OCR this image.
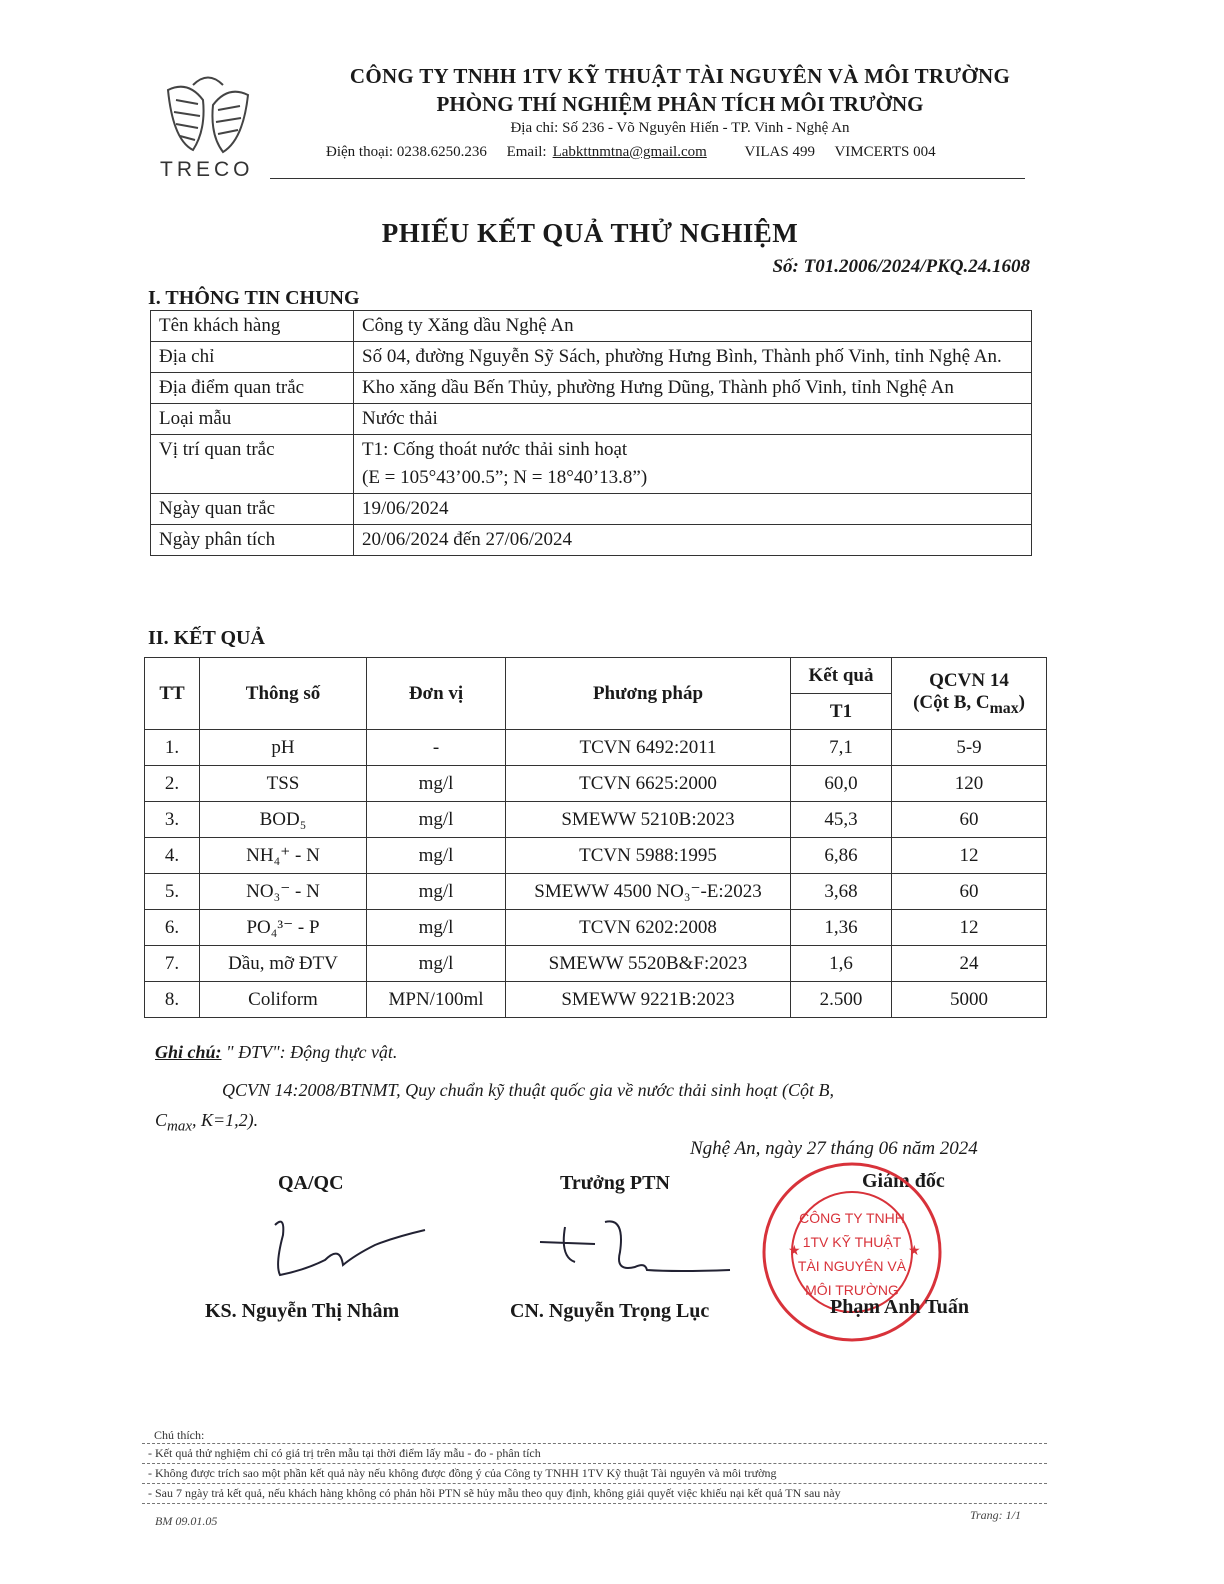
TRECO
CÔNG TY TNHH 1TV KỸ THUẬT TÀI NGUYÊN VÀ MÔI TRƯỜNG
PHÒNG THÍ NGHIỆM PHÂN TÍCH MÔI TRƯỜNG
Địa chỉ: Số 236 - Võ Nguyên Hiến - TP. Vinh - Nghệ An
Điện thoại: 0238.6250.236 Email: Labkttnmtna@gmail.com	VILAS 499 VIMCERTS 004
PHIẾU KẾT QUẢ THỬ NGHIỆM
Số: T01.2006/2024/PKQ.24.1608
I. THÔNG TIN CHUNG
Tên khách hàng	Công ty Xăng dầu Nghệ An
Địa chỉ	Số 04, đường Nguyễn Sỹ Sách, phường Hưng Bình, Thành phố Vinh, tỉnh Nghệ An.
Địa điểm quan trắc	Kho xăng dầu Bến Thủy, phường Hưng Dũng, Thành phố Vinh, tỉnh Nghệ An
Loại mẫu	Nước thải
Vị trí quan trắc	T1: Cống thoát nước thải sinh hoạt
(E = 105°43’00.5”; N = 18°40’13.8”)

Ngày quan trắc	19/06/2024
Ngày phân tích	20/06/2024 đến 27/06/2024
II. KẾT QUẢ
TT	Thông số	Đơn vị	Phương pháp	Kết quả	QCVN 14
(Cột B, $C_{max}$)

				T1	
1.	pH	-	TCVN 6492:2011	7,1	5-9
2.	TSS	mg/l	TCVN 6625:2000	60,0	120
3.	BOD₅	mg/l	SMEWW 5210B:2023	45,3	60
4.	NH₄⁺ - N	mg/l	TCVN 5988:1995	6,86	12
5.	NO₃⁻ - N	mg/l	SMEWW 4500 NO₃⁻-E:2023	3,68	60
6.	PO₄³⁻ - P	mg/l	TCVN 6202:2008	1,36	12
7.	Dầu, mỡ ĐTV	mg/l	SMEWW 5520B&F:2023	1,6	24
8.	Coliform	MPN/100ml	SMEWW 9221B:2023	2.500	5000
Ghi chú: " ĐTV": Động thực vật.
QCVN 14:2008/BTNMT, Quy chuẩn kỹ thuật quốc gia về nước thải sinh hoạt (Cột B,
$C_{max}$, K=1,2).
Nghệ An, ngày 27 tháng 06 năm 2024
QA/QC	Trưởng PTN	Giám đốc
★	★
CÔNG TY TNHH
1TV KỸ THUẬT
TÀI NGUYÊN VÀ
MÔI TRƯỜNG
KS. Nguyễn Thị Nhâm	CN. Nguyễn Trọng Lục	Phạm Anh Tuấn
Chú thích:
- Kết quả thử nghiệm chỉ có giá trị trên mẫu tại thời điểm lấy mẫu - đo - phân tích
- Không được trích sao một phần kết quả này nếu không được đồng ý của Công ty TNHH 1TV Kỹ thuật Tài nguyên và môi trường
- Sau 7 ngày trả kết quả, nếu khách hàng không có phản hồi PTN sẽ hủy mẫu theo quy định, không giải quyết việc khiếu nại kết quả TN sau này
BM 09.01.05	Trang: 1/1
